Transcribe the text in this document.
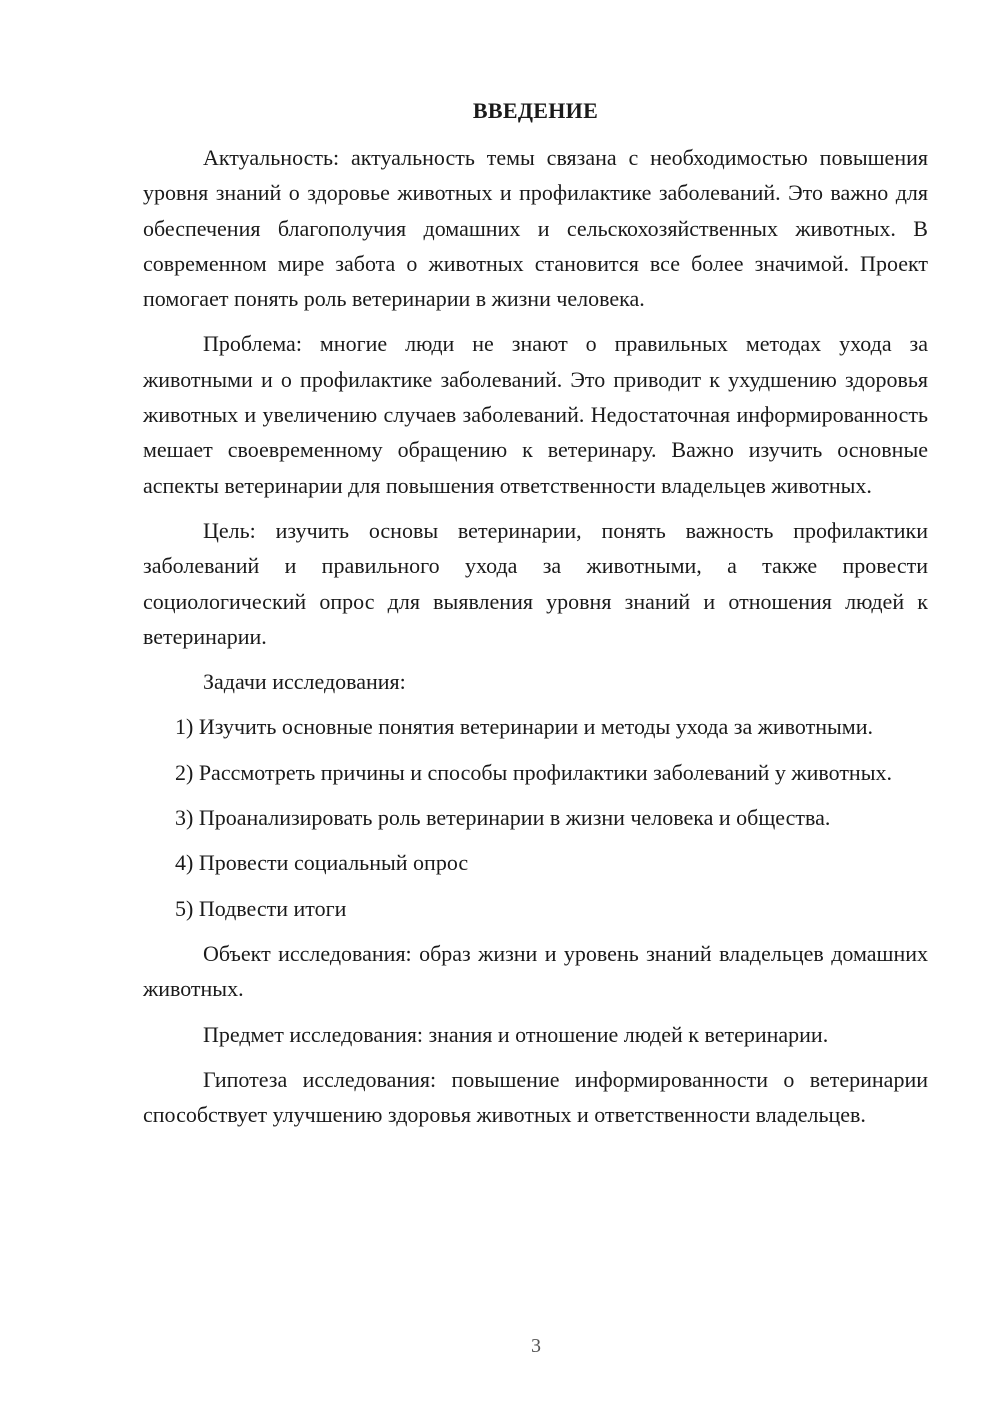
ВВЕДЕНИЕ

Актуальность: актуальность темы связана с необходимостью повышения уровня знаний о здоровье животных и профилактике заболеваний. Это важно для обеспечения благополучия домашних и сельскохозяйственных животных. В современном мире забота о животных становится все более значимой. Проект помогает понять роль ветеринарии в жизни человека.

Проблема: многие люди не знают о правильных методах ухода за животными и о профилактике заболеваний. Это приводит к ухудшению здоровья животных и увеличению случаев заболеваний. Недостаточная информированность мешает своевременному обращению к ветеринару. Важно изучить основные аспекты ветеринарии для повышения ответственности владельцев животных.

Цель: изучить основы ветеринарии, понять важность профилактики заболеваний и правильного ухода за животными, а также провести социологический опрос для выявления уровня знаний и отношения людей к ветеринарии.

Задачи исследования:

1) Изучить основные понятия ветеринарии и методы ухода за животными.

2) Рассмотреть причины и способы профилактики заболеваний у животных.

3) Проанализировать роль ветеринарии в жизни человека и общества.

4) Провести социальный опрос

5) Подвести итоги

Объект исследования: образ жизни и уровень знаний владельцев домашних животных.

Предмет исследования: знания и отношение людей к ветеринарии.

Гипотеза исследования: повышение информированности о ветеринарии способствует улучшению здоровья животных и ответственности владельцев.

3
